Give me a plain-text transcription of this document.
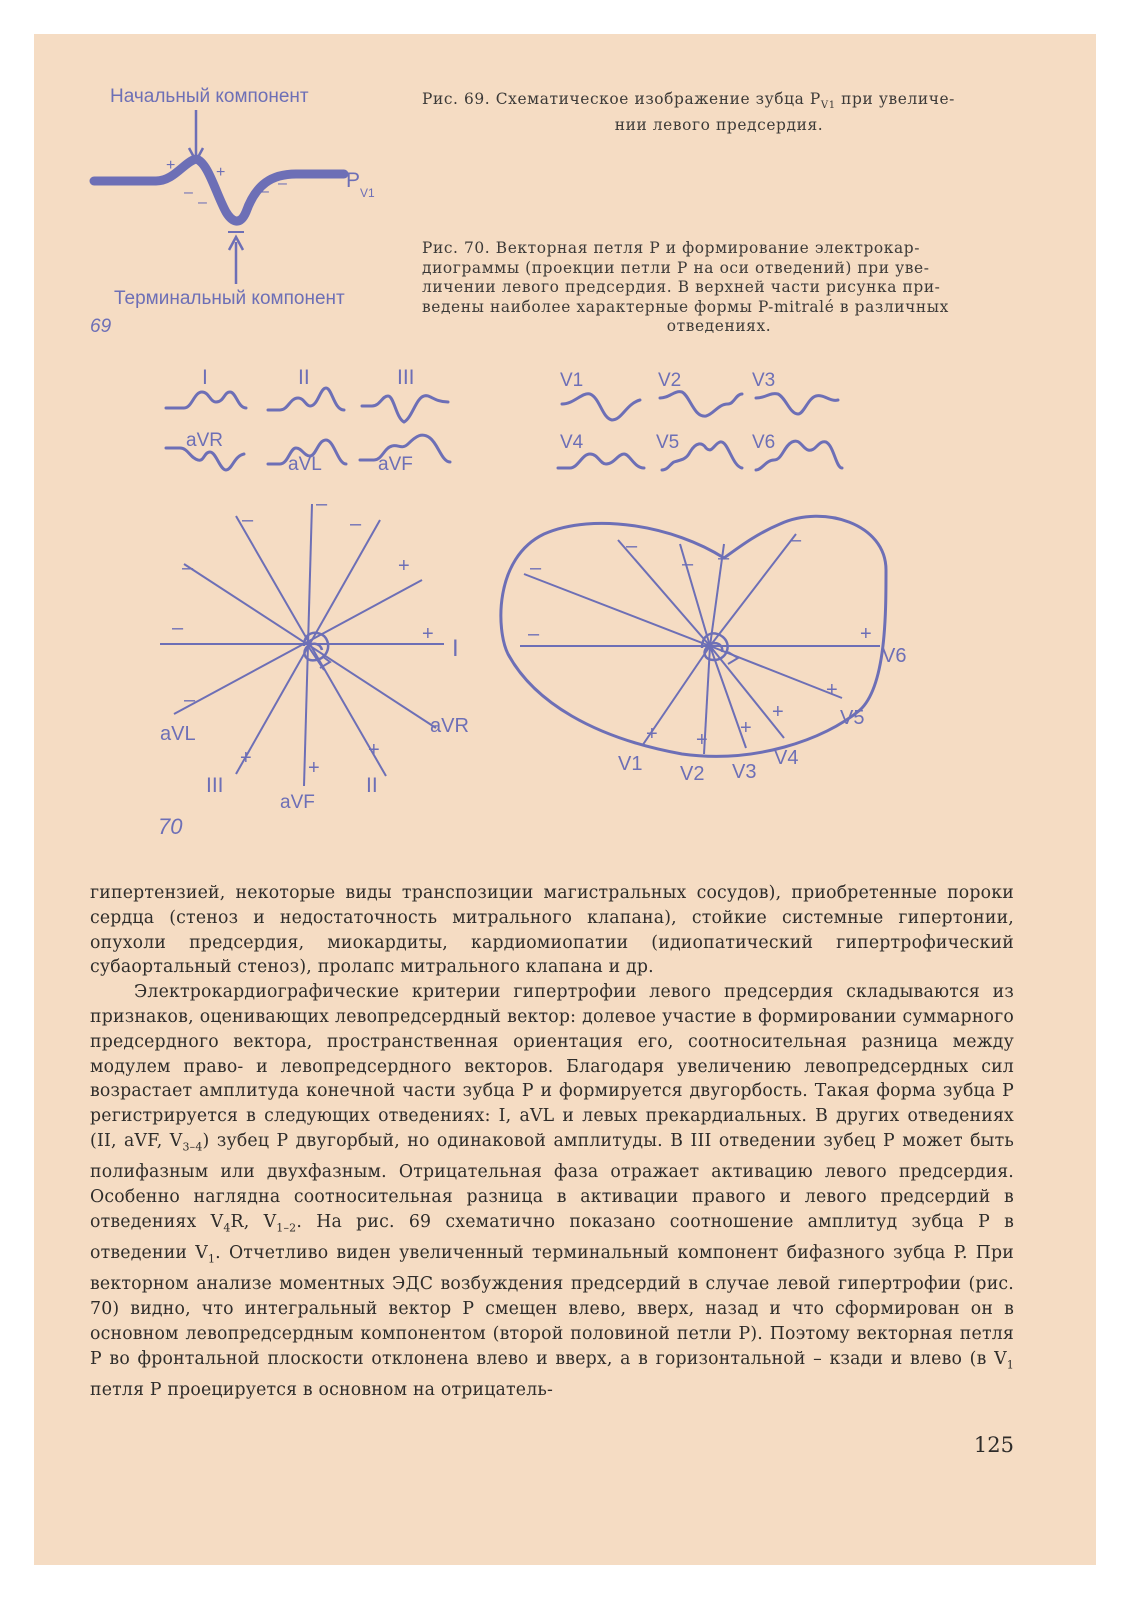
Начальный компонент
+	+
–
–
– –	P
V1
Терминальный компонент
69
I	II	III
aVR
aVL	aVF
V1	V2	V3
V4	V5	V6
–	+
–
–
–
–
+
–
+
+	+
I
aVL	aVR
III
aVF
II
70
–
–
–
– –
–
+
+
+
+
+
+
V1 V2 V3
V4
V5
V6
Рис. 69. Схематическое изображение зубца $P_{V1}$ при увеличе-
нии левого предсердия.
Рис. 70. Векторная петля P и формирование электрокар-
диограммы (проекции петли P на оси отведений) при уве-
личении левого предсердия. В верхней части рисунка при-
ведены наиболее характерные формы P-mitralé в различных
отведениях.

гипертензией, некоторые виды транспозиции магистральных сосудов), приобретенные пороки сердца (стеноз и недостаточность митрального клапана), стойкие системные гипертонии, опухоли предсердия, миокардиты, кардиомиопатии (идиопатический гипертрофический субаортальный стеноз), пролапс митрального клапана и др.

Электрокардиографические критерии гипертрофии левого предсердия складываются из признаков, оценивающих левопредсердный вектор: долевое участие в формировании суммарного предсердного вектора, пространственная ориентация его, соотносительная разница между модулем право- и левопредсердного векторов. Благодаря увеличению левопредсердных сил возрастает амплитуда конечной части зубца P и формируется двугорбость. Такая форма зубца P регистрируется в следующих отведениях: I, aVL и левых прекардиальных. В других отведениях (II, aVF, $V_{3-4}$) зубец P двугорбый, но одинаковой амплитуды. В III отведении зубец P может быть полифазным или двухфазным. Отрицательная фаза отражает активацию левого предсердия. Особенно наглядна соотносительная разница в активации правого и левого предсердий в отведениях $V_4R$, $V_{1-2}$. На рис. 69 схематично показано соотношение амплитуд зубца P в отведении $V_1$. Отчетливо виден увеличенный терминальный компонент бифазного зубца P. При векторном анализе моментных ЭДС возбуждения предсердий в случае левой гипертрофии (рис. 70) видно, что интегральный вектор P смещен влево, вверх, назад и что сформирован он в основном левопредсердным компонентом (второй половиной петли P). Поэтому векторная петля P во фронтальной плоскости отклонена влево и вверх, а в горизонтальной – кзади и влево (в $V_1$ петля P проецируется в основном на отрицатель-

125
